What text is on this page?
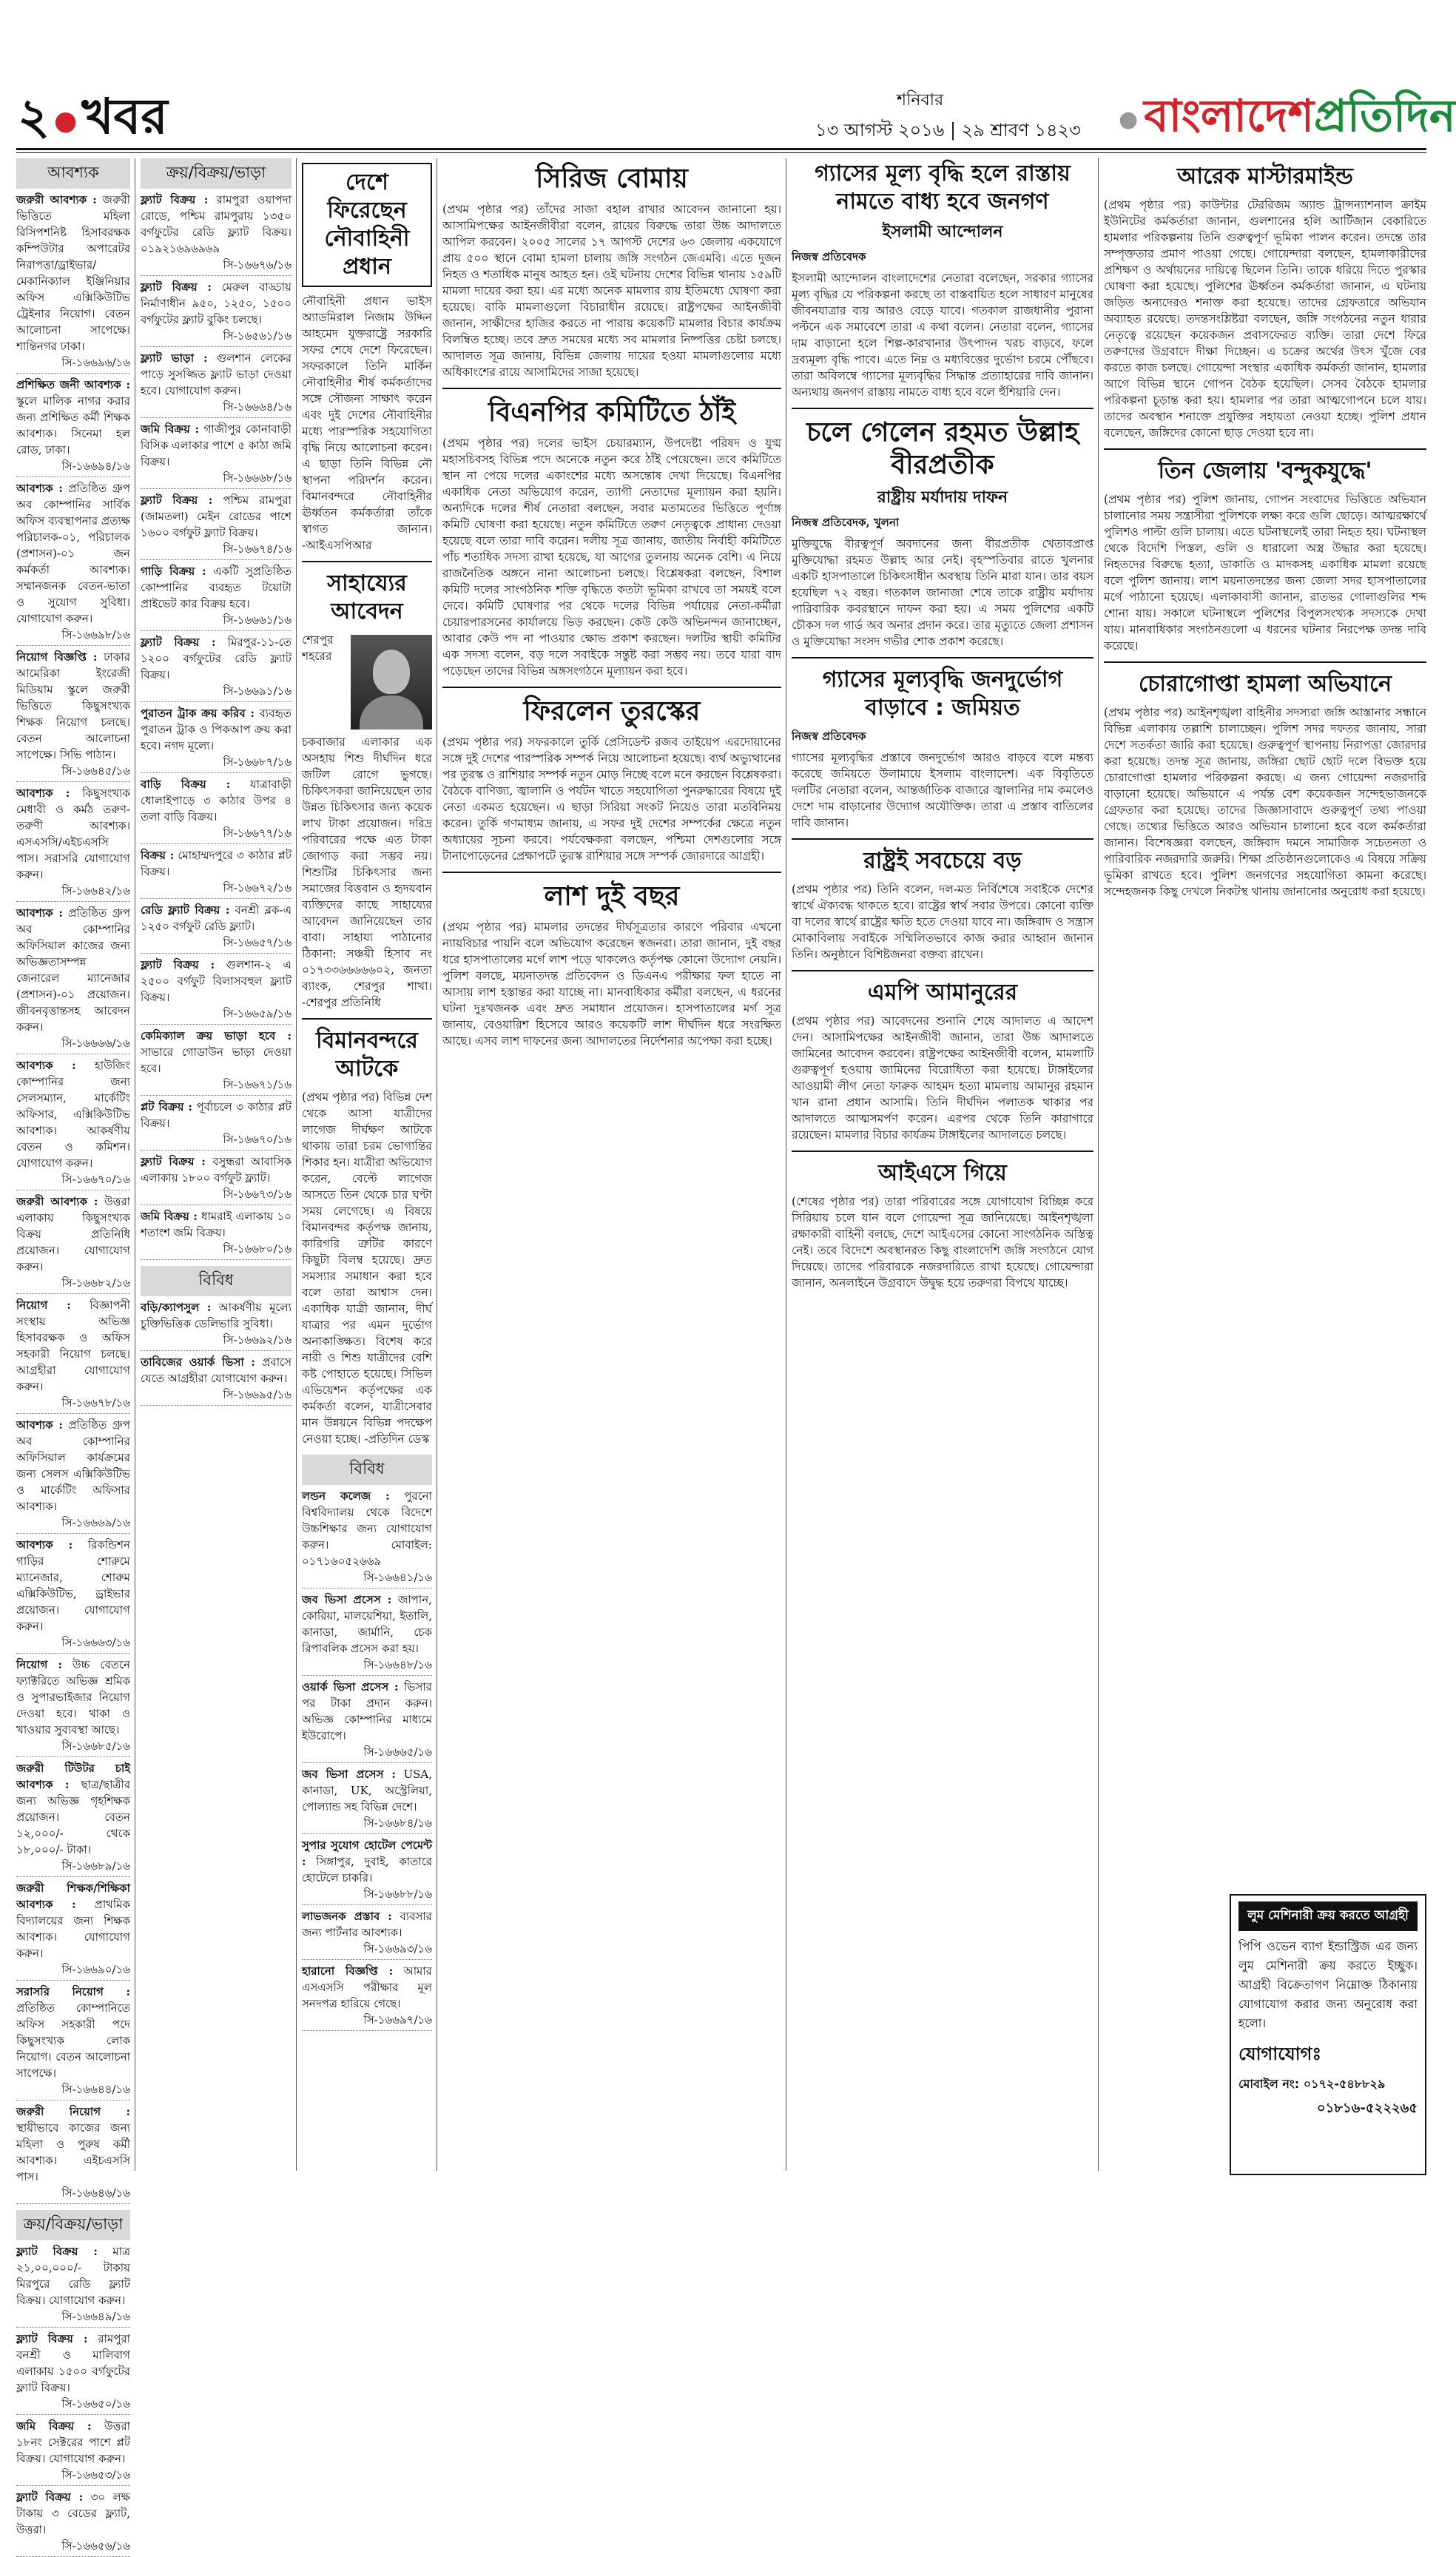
২ ●খবর	শনিবার
১৩ আগস্ট ২০১৬ | ২৯ শ্রাবণ ১৪২৩ ● বাংলাদেশপ্রতিদিন
আবশ্যক
জরুরী আবশ্যক : জরুরী ভিত্তিতে মহিলা রিসিপশনিষ্ট হিসাবরক্ষক কম্পিউটার অপারেটর নিরাপত্তা/ড্রাইভার/মেকানিক্যাল ইঞ্জিনিয়ার অফিস এক্সিকিউটিভ ট্রেইনার নিয়োগ। বেতন আলোচনা সাপেক্ষে। শান্তিনগর ঢাকা।
সি-১৬৬৯৬/১৬
প্রশিক্ষিত জনী আবশ্যক : স্কুলে মালিক নাগর করার জন্য প্রশিক্ষিত কর্মী শিক্ষক আবশ্যক। সিনেমা হল রোড, ঢাকা।
সি-১৬৬৯৪/১৬
আবশ্যক : প্রতিষ্ঠিত গ্রুপ অব কোম্পানির সার্বিক অফিস ব্যবস্থাপনার প্রত্যক্ষ পরিচালক-০১, পরিচালক (প্রশাসন)-০১ জন কর্মকর্তা আবশ্যক। সম্মানজনক বেতন-ভাতা ও সুযোগ সুবিধা। যোগাযোগ করুন।
সি-১৬৬৯৮/১৬
নিয়োগ বিজ্ঞপ্তি : ঢাকার আমেরিকা ইংরেজী মিডিয়াম স্কুলে জরুরী ভিত্তিতে কিছুসংখ্যক শিক্ষক নিয়োগ চলছে। বেতন আলোচনা সাপেক্ষে। সিভি পাঠান।
সি-১৬৬৪৫/১৬
আবশ্যক : কিছুসংখ্যক মেধাবী ও কর্মঠ তরুণ-তরুণী আবশ্যক। এসএসসি/এইচএসসি পাস। সরাসরি যোগাযোগ করুন।
সি-১৬৬৪২/১৬
আবশ্যক : প্রতিষ্ঠিত গ্রুপ অব কোম্পানির অফিসিয়াল কাজের জন্য অভিজ্ঞতাসম্পন্ন জেনারেল ম্যানেজার (প্রশাসন)-০১ প্রয়োজন। জীবনবৃত্তান্তসহ আবেদন করুন।
সি-১৬৬৬৬/১৬
আবশ্যক : হাউজিং কোম্পানির জন্য সেলসম্যান, মার্কেটিং অফিসার, এক্সিকিউটিভ আবশ্যক। আকর্ষণীয় বেতন ও কমিশন। যোগাযোগ করুন।
সি-১৬৬৭০/১৬
জরুরী আবশ্যক : উত্তরা এলাকায় কিছুসংখ্যক বিক্রয় প্রতিনিধি প্রয়োজন। যোগাযোগ করুন।
সি-১৬৬৮২/১৬
নিয়োগ : বিজ্ঞাপনী সংস্থায় অভিজ্ঞ হিসাবরক্ষক ও অফিস সহকারী নিয়োগ চলছে। আগ্রহীরা যোগাযোগ করুন।
সি-১৬৬৭৮/১৬
আবশ্যক : প্রতিষ্ঠিত গ্রুপ অব কোম্পানির অফিসিয়াল কার্যক্রমের জন্য সেলস এক্সিকিউটিভ ও মার্কেটিং অফিসার আবশ্যক।
সি-১৬৬৬৯/১৬
আবশ্যক : রিকন্ডিশন গাড়ির শোরুমে ম্যানেজার, শোরুম এক্সিকিউটিভ, ড্রাইভার প্রয়োজন। যোগাযোগ করুন।
সি-১৬৬৬৩/১৬
নিয়োগ : উচ্চ বেতনে ফ্যাক্টরিতে অভিজ্ঞ শ্রমিক ও সুপারভাইজার নিয়োগ দেওয়া হবে। থাকা ও খাওয়ার সুব্যবস্থা আছে।
সি-১৬৬৮৫/১৬
জরুরী টিউটর চাই আবশ্যক : ছাত্র/ছাত্রীর জন্য অভিজ্ঞ গৃহশিক্ষক প্রয়োজন। বেতন ১২,০০০/- থেকে ১৮,০০০/- টাকা।
সি-১৬৬৮৯/১৬
জরুরী শিক্ষক/শিক্ষিকা আবশ্যক : প্রাথমিক বিদ্যালয়ের জন্য শিক্ষক আবশ্যক। যোগাযোগ করুন।
সি-১৬৬৯০/১৬
সরাসরি নিয়োগ : প্রতিষ্ঠিত কোম্পানিতে অফিস সহকারী পদে কিছুসংখ্যক লোক নিয়োগ। বেতন আলোচনা সাপেক্ষে।
সি-১৬৬৪৪/১৬
জরুরী নিয়োগ : স্থায়ীভাবে কাজের জন্য মহিলা ও পুরুষ কর্মী আবশ্যক। এইচএসসি পাস।
সি-১৬৬৪৬/১৬
ক্রয়/বিক্রয়/ভাড়া
ফ্ল্যাট বিক্রয় : মাত্র ২১,০০,০০০/- টাকায় মিরপুরে রেডি ফ্ল্যাট বিক্রয়। যোগাযোগ করুন।
সি-১৬৬৪৯/১৬
ফ্ল্যাট বিক্রয় : রামপুরা বনশ্রী ও মালিবাগ এলাকায় ১৫০০ বর্গফুটের ফ্ল্যাট বিক্রয়।
সি-১৬৬৫০/১৬
জমি বিক্রয় : উত্তরা ১৮নং সেক্টরের পাশে প্লট বিক্রয়। যোগাযোগ করুন।
সি-১৬৬৫৩/১৬
ফ্ল্যাট বিক্রয় : ৩০ লক্ষ টাকায় ৩ বেডের ফ্ল্যাট, উত্তরা।
সি-১৬৬৫৬/১৬
ক্রয়/বিক্রয়/ভাড়া
ফ্ল্যাট বিক্রয় : রামপুরা ওয়াপদা রোডে, পশ্চিম রামপুরায় ১৩৫০ বর্গফুটের রেডি ফ্ল্যাট বিক্রয়। ০১৯২১৬৯৬৯৬৯
সি-১৬৬৭৬/১৬
ফ্ল্যাট বিক্রয় : মেরুল বাড্ডায় নির্মাণাধীন ৯৫০, ১২৫০, ১৫০০ বর্গফুটের ফ্ল্যাট বুকিং চলছে।
সি-১৬৫৬১/১৬
ফ্ল্যাট ভাড়া : গুলশান লেকের পাড়ে সুসজ্জিত ফ্ল্যাট ভাড়া দেওয়া হবে। যোগাযোগ করুন।
সি-১৬৬৬৪/১৬
জমি বিক্রয় : গাজীপুর কোনাবাড়ী বিসিক এলাকার পাশে ৫ কাঠা জমি বিক্রয়।
সি-১৬৬৬৮/১৬
ফ্ল্যাট বিক্রয় : পশ্চিম রামপুরা (জামতলা) মেইন রোডের পাশে ১৬০০ বর্গফুট ফ্ল্যাট বিক্রয়।
সি-১৬৬৭৪/১৬
গাড়ি বিক্রয় : একটি সুপ্রতিষ্ঠিত কোম্পানির ব্যবহৃত টয়োটা প্রাইভেট কার বিক্রয় হবে।
সি-১৬৬৬১/১৬
ফ্ল্যাট বিক্রয় : মিরপুর-১১-তে ১২০০ বর্গফুটের রেডি ফ্ল্যাট বিক্রয়।
সি-১৬৬৯১/১৬
পুরাতন ট্রাক ক্রয় করিব : ব্যবহৃত পুরাতন ট্রাক ও পিকআপ ক্রয় করা হবে। নগদ মূল্যে।
সি-১৬৬৮৭/১৬
বাড়ি বিক্রয় : যাত্রাবাড়ী ধোলাইপাড়ে ৩ কাঠার উপর ৪ তলা বাড়ি বিক্রয়।
সি-১৬৬৭৭/১৬
বিক্রয় : মোহাম্মদপুরে ৩ কাঠার প্লট বিক্রয়।
সি-১৬৬৭২/১৬
রেডি ফ্ল্যাট বিক্রয় : বনশ্রী ব্লক-এ ১২৫০ বর্গফুট রেডি ফ্ল্যাট।
সি-১৬৬৫৭/১৬
ফ্ল্যাট বিক্রয় : গুলশান-২ এ ২৫০০ বর্গফুট বিলাসবহুল ফ্ল্যাট বিক্রয়।
সি-১৬৬৫৯/১৬
কেমিক্যাল ক্রয় ভাড়া হবে : সাভারে গোডাউন ভাড়া দেওয়া হবে।
সি-১৬৬৭১/১৬
প্লট বিক্রয় : পূর্বাচলে ৩ কাঠার প্লট বিক্রয়।
সি-১৬৬৭০/১৬
ফ্ল্যাট বিক্রয় : বসুন্ধরা আবাসিক এলাকায় ১৮০০ বর্গফুট ফ্ল্যাট।
সি-১৬৬৭৩/১৬
জমি বিক্রয় : ধামরাই এলাকায় ১০ শতাংশ জমি বিক্রয়।
সি-১৬৬৮০/১৬
বিবিধ
বড়ি/ক্যাপসুল : আকর্ষণীয় মূল্যে চুক্তিভিত্তিক ডেলিভারি সুবিধা।
সি-১৬৬৯২/১৬
তাবিজের ওয়ার্ক ভিসা : প্রবাসে যেতে আগ্রহীরা যোগাযোগ করুন।
সি-১৬৬৯৫/১৬
দেশে ফিরেছেন নৌবাহিনী প্রধান

নৌবাহিনী প্রধান ভাইস অ্যাডমিরাল নিজাম উদ্দিন আহমেদ যুক্তরাষ্ট্রে সরকারি সফর শেষে দেশে ফিরেছেন। সফরকালে তিনি মার্কিন নৌবাহিনীর শীর্ষ কর্মকর্তাদের সঙ্গে সৌজন্য সাক্ষাৎ করেন এবং দুই দেশের নৌবাহিনীর মধ্যে পারস্পরিক সহযোগিতা বৃদ্ধি নিয়ে আলোচনা করেন। এ ছাড়া তিনি বিভিন্ন নৌ স্থাপনা পরিদর্শন করেন। বিমানবন্দরে নৌবাহিনীর ঊর্ধ্বতন কর্মকর্তারা তাঁকে স্বাগত জানান। -আইএসপিআর

সাহায্যের আবেদন

শেরপুর শহরের চকবাজার এলাকার এক অসহায় শিশু দীর্ঘদিন ধরে জটিল রোগে ভুগছে। চিকিৎসকরা জানিয়েছেন তার উন্নত চিকিৎসার জন্য কয়েক লাখ টাকা প্রয়োজন। দরিদ্র পরিবারের পক্ষে এত টাকা জোগাড় করা সম্ভব নয়। শিশুটির চিকিৎসার জন্য সমাজের বিত্তবান ও হৃদয়বান ব্যক্তিদের কাছে সাহায্যের আবেদন জানিয়েছেন তার বাবা। সাহায্য পাঠানোর ঠিকানা: সঞ্চয়ী হিসাব নং ০১৭৩৩৬৬৬৬৬০২, জনতা ব্যাংক, শেরপুর শাখা। -শেরপুর প্রতিনিধি

বিমানবন্দরে আটকে

(প্রথম পৃষ্ঠার পর) বিভিন্ন দেশ থেকে আসা যাত্রীদের লাগেজ দীর্ঘক্ষণ আটকে থাকায় তারা চরম ভোগান্তির শিকার হন। যাত্রীরা অভিযোগ করেন, বেল্টে লাগেজ আসতে তিন থেকে চার ঘণ্টা সময় লেগেছে। এ বিষয়ে বিমানবন্দর কর্তৃপক্ষ জানায়, কারিগরি ত্রুটির কারণে কিছুটা বিলম্ব হয়েছে। দ্রুত সমস্যার সমাধান করা হবে বলে তারা আশ্বাস দেন। একাধিক যাত্রী জানান, দীর্ঘ যাত্রার পর এমন দুর্ভোগ অনাকাঙ্ক্ষিত। বিশেষ করে নারী ও শিশু যাত্রীদের বেশি কষ্ট পোহাতে হয়েছে। সিভিল এভিয়েশন কর্তৃপক্ষের এক কর্মকর্তা বলেন, যাত্রীসেবার মান উন্নয়নে বিভিন্ন পদক্ষেপ নেওয়া হচ্ছে। -প্রতিদিন ডেস্ক

বিবিধ
লন্ডন কলেজ : পুরনো বিশ্ববিদ্যালয় থেকে বিদেশে উচ্চশিক্ষার জন্য যোগাযোগ করুন। মোবাইল: ০১৭১৬০৫২৬৬৯
সি-১৬৬৪১/১৬
জব ভিসা প্রসেস : জাপান, কোরিয়া, মালয়েশিয়া, ইতালি, কানাডা, জার্মানি, চেক রিপাবলিক প্রসেস করা হয়।
সি-১৬৬৪৮/১৬
ওয়ার্ক ভিসা প্রসেস : ভিসার পর টাকা প্রদান করুন। অভিজ্ঞ কোম্পানির মাধ্যমে ইউরোপে।
সি-১৬৬৬৫/১৬
জব ভিসা প্রসেস : USA, কানাডা, UK, অস্ট্রেলিয়া, পোল্যান্ড সহ বিভিন্ন দেশে।
সি-১৬৬৮৪/১৬
সুপার সুযোগ হোটেল পেমেন্ট : সিঙ্গাপুর, দুবাই, কাতারে হোটেলে চাকরি।
সি-১৬৬৮৮/১৬
লাভজনক প্রস্তাব : ব্যবসার জন্য পার্টনার আবশ্যক।
সি-১৬৬৯৩/১৬
হারানো বিজ্ঞপ্তি : আমার এসএসসি পরীক্ষার মূল সনদপত্র হারিয়ে গেছে।
সি-১৬৬৯৭/১৬
সিরিজ বোমায়

(প্রথম পৃষ্ঠার পর) তাঁদের সাজা বহাল রাখার আবেদন জানানো হয়। আসামিপক্ষের আইনজীবীরা বলেন, রায়ের বিরুদ্ধে তারা উচ্চ আদালতে আপিল করবেন। ২০০৫ সালের ১৭ আগস্ট দেশের ৬৩ জেলায় একযোগে প্রায় ৫০০ স্থানে বোমা হামলা চালায় জঙ্গি সংগঠন জেএমবি। এতে দুজন নিহত ও শতাধিক মানুষ আহত হন। ওই ঘটনায় দেশের বিভিন্ন থানায় ১৫৯টি মামলা দায়ের করা হয়। এর মধ্যে অনেক মামলার রায় ইতিমধ্যে ঘোষণা করা হয়েছে। বাকি মামলাগুলো বিচারাধীন রয়েছে। রাষ্ট্রপক্ষের আইনজীবী জানান, সাক্ষীদের হাজির করতে না পারায় কয়েকটি মামলার বিচার কার্যক্রম বিলম্বিত হচ্ছে। তবে দ্রুত সময়ের মধ্যে সব মামলার নিষ্পত্তির চেষ্টা চলছে। আদালত সূত্র জানায়, বিভিন্ন জেলায় দায়ের হওয়া মামলাগুলোর মধ্যে অধিকাংশের রায়ে আসামিদের সাজা হয়েছে।

বিএনপির কমিটিতে ঠাঁই

(প্রথম পৃষ্ঠার পর) দলের ভাইস চেয়ারম্যান, উপদেষ্টা পরিষদ ও যুগ্ম মহাসচিবসহ বিভিন্ন পদে অনেকে নতুন করে ঠাঁই পেয়েছেন। তবে কমিটিতে স্থান না পেয়ে দলের একাংশের মধ্যে অসন্তোষ দেখা দিয়েছে। বিএনপির একাধিক নেতা অভিযোগ করেন, ত্যাগী নেতাদের মূল্যায়ন করা হয়নি। অন্যদিকে দলের শীর্ষ নেতারা বলছেন, সবার মতামতের ভিত্তিতে পূর্ণাঙ্গ কমিটি ঘোষণা করা হয়েছে। নতুন কমিটিতে তরুণ নেতৃত্বকে প্রাধান্য দেওয়া হয়েছে বলে তারা দাবি করেন। দলীয় সূত্র জানায়, জাতীয় নির্বাহী কমিটিতে পাঁচ শতাধিক সদস্য রাখা হয়েছে, যা আগের তুলনায় অনেক বেশি। এ নিয়ে রাজনৈতিক অঙ্গনে নানা আলোচনা চলছে। বিশ্লেষকরা বলছেন, বিশাল কমিটি দলের সাংগঠনিক শক্তি বৃদ্ধিতে কতটা ভূমিকা রাখবে তা সময়ই বলে দেবে। কমিটি ঘোষণার পর থেকে দলের বিভিন্ন পর্যায়ের নেতা-কর্মীরা চেয়ারপারসনের কার্যালয়ে ভিড় করছেন। কেউ কেউ অভিনন্দন জানাচ্ছেন, আবার কেউ পদ না পাওয়ার ক্ষোভ প্রকাশ করছেন। দলটির স্থায়ী কমিটির এক সদস্য বলেন, বড় দলে সবাইকে সন্তুষ্ট করা সম্ভব নয়। তবে যারা বাদ পড়েছেন তাদের বিভিন্ন অঙ্গসংগঠনে মূল্যায়ন করা হবে।

ফিরলেন তুরস্কের

(প্রথম পৃষ্ঠার পর) সফরকালে তুর্কি প্রেসিডেন্ট রজব তাইয়েপ এরদোয়ানের সঙ্গে দুই দেশের পারস্পরিক সম্পর্ক নিয়ে আলোচনা হয়েছে। ব্যর্থ অভ্যুত্থানের পর তুরস্ক ও রাশিয়ার সম্পর্ক নতুন মোড় নিচ্ছে বলে মনে করছেন বিশ্লেষকরা। বৈঠকে বাণিজ্য, জ্বালানি ও পর্যটন খাতে সহযোগিতা পুনরুদ্ধারের বিষয়ে দুই নেতা একমত হয়েছেন। এ ছাড়া সিরিয়া সংকট নিয়েও তারা মতবিনিময় করেন। তুর্কি গণমাধ্যম জানায়, এ সফর দুই দেশের সম্পর্কের ক্ষেত্রে নতুন অধ্যায়ের সূচনা করবে। পর্যবেক্ষকরা বলছেন, পশ্চিমা দেশগুলোর সঙ্গে টানাপোড়েনের প্রেক্ষাপটে তুরস্ক রাশিয়ার সঙ্গে সম্পর্ক জোরদারে আগ্রহী।

লাশ দুই বছর

(প্রথম পৃষ্ঠার পর) মামলার তদন্তের দীর্ঘসূত্রতার কারণে পরিবার এখনো ন্যায়বিচার পায়নি বলে অভিযোগ করেছেন স্বজনরা। তারা জানান, দুই বছর ধরে হাসপাতালের মর্গে লাশ পড়ে থাকলেও কর্তৃপক্ষ কোনো উদ্যোগ নেয়নি। পুলিশ বলছে, ময়নাতদন্ত প্রতিবেদন ও ডিএনএ পরীক্ষার ফল হাতে না আসায় লাশ হস্তান্তর করা যাচ্ছে না। মানবাধিকার কর্মীরা বলছেন, এ ধরনের ঘটনা দুঃখজনক এবং দ্রুত সমাধান প্রয়োজন। হাসপাতালের মর্গ সূত্র জানায়, বেওয়ারিশ হিসেবে আরও কয়েকটি লাশ দীর্ঘদিন ধরে সংরক্ষিত আছে। এসব লাশ দাফনের জন্য আদালতের নির্দেশনার অপেক্ষা করা হচ্ছে।

গ্যাসের মূল্য বৃদ্ধি হলে রাস্তায় নামতে বাধ্য হবে জনগণ
ইসলামী আন্দোলন
নিজস্ব প্রতিবেদক

ইসলামী আন্দোলন বাংলাদেশের নেতারা বলেছেন, সরকার গ্যাসের মূল্য বৃদ্ধির যে পরিকল্পনা করছে তা বাস্তবায়িত হলে সাধারণ মানুষের জীবনযাত্রার ব্যয় আরও বেড়ে যাবে। গতকাল রাজধানীর পুরানা পল্টনে এক সমাবেশে তারা এ কথা বলেন। নেতারা বলেন, গ্যাসের দাম বাড়ানো হলে শিল্প-কারখানার উৎপাদন খরচ বাড়বে, ফলে দ্রব্যমূল্য বৃদ্ধি পাবে। এতে নিম্ন ও মধ্যবিত্তের দুর্ভোগ চরমে পৌঁছবে। তারা অবিলম্বে গ্যাসের মূল্যবৃদ্ধির সিদ্ধান্ত প্রত্যাহারের দাবি জানান। অন্যথায় জনগণ রাস্তায় নামতে বাধ্য হবে বলে হুঁশিয়ারি দেন।

চলে গেলেন রহমত উল্লাহ বীরপ্রতীক
রাষ্ট্রীয় মর্যাদায় দাফন
নিজস্ব প্রতিবেদক, খুলনা

মুক্তিযুদ্ধে বীরত্বপূর্ণ অবদানের জন্য বীরপ্রতীক খেতাবপ্রাপ্ত মুক্তিযোদ্ধা রহমত উল্লাহ আর নেই। বৃহস্পতিবার রাতে খুলনার একটি হাসপাতালে চিকিৎসাধীন অবস্থায় তিনি মারা যান। তার বয়স হয়েছিল ৭২ বছর। গতকাল জানাজা শেষে তাকে রাষ্ট্রীয় মর্যাদায় পারিবারিক কবরস্থানে দাফন করা হয়। এ সময় পুলিশের একটি চৌকস দল গার্ড অব অনার প্রদান করে। তার মৃত্যুতে জেলা প্রশাসন ও মুক্তিযোদ্ধা সংসদ গভীর শোক প্রকাশ করেছে।

গ্যাসের মূল্যবৃদ্ধি জনদুর্ভোগ বাড়াবে : জমিয়ত
নিজস্ব প্রতিবেদক

গ্যাসের মূল্যবৃদ্ধির প্রস্তাবে জনদুর্ভোগ আরও বাড়বে বলে মন্তব্য করেছে জমিয়তে উলামায়ে ইসলাম বাংলাদেশ। এক বিবৃতিতে দলটির নেতারা বলেন, আন্তর্জাতিক বাজারে জ্বালানির দাম কমলেও দেশে দাম বাড়ানোর উদ্যোগ অযৌক্তিক। তারা এ প্রস্তাব বাতিলের দাবি জানান।

রাষ্ট্রই সবচেয়ে বড়

(প্রথম পৃষ্ঠার পর) তিনি বলেন, দল-মত নির্বিশেষে সবাইকে দেশের স্বার্থে ঐক্যবদ্ধ থাকতে হবে। রাষ্ট্রের স্বার্থ সবার উপরে। কোনো ব্যক্তি বা দলের স্বার্থে রাষ্ট্রের ক্ষতি হতে দেওয়া যাবে না। জঙ্গিবাদ ও সন্ত্রাস মোকাবিলায় সবাইকে সম্মিলিতভাবে কাজ করার আহ্বান জানান তিনি। অনুষ্ঠানে বিশিষ্টজনরা বক্তব্য রাখেন।

এমপি আমানুরের

(প্রথম পৃষ্ঠার পর) আবেদনের শুনানি শেষে আদালত এ আদেশ দেন। আসামিপক্ষের আইনজীবী জানান, তারা উচ্চ আদালতে জামিনের আবেদন করবেন। রাষ্ট্রপক্ষের আইনজীবী বলেন, মামলাটি গুরুত্বপূর্ণ হওয়ায় জামিনের বিরোধিতা করা হয়েছে। টাঙ্গাইলের আওয়ামী লীগ নেতা ফারুক আহমদ হত্যা মামলায় আমানুর রহমান খান রানা প্রধান আসামি। তিনি দীর্ঘদিন পলাতক থাকার পর আদালতে আত্মসমর্পণ করেন। এরপর থেকে তিনি কারাগারে রয়েছেন। মামলার বিচার কার্যক্রম টাঙ্গাইলের আদালতে চলছে।

আইএসে গিয়ে

(শেষের পৃষ্ঠার পর) তারা পরিবারের সঙ্গে যোগাযোগ বিচ্ছিন্ন করে সিরিয়ায় চলে যান বলে গোয়েন্দা সূত্র জানিয়েছে। আইনশৃঙ্খলা রক্ষাকারী বাহিনী বলছে, দেশে আইএসের কোনো সাংগঠনিক অস্তিত্ব নেই। তবে বিদেশে অবস্থানরত কিছু বাংলাদেশি জঙ্গি সংগঠনে যোগ দিয়েছে। তাদের পরিবারকে নজরদারিতে রাখা হয়েছে। গোয়েন্দারা জানান, অনলাইনে উগ্রবাদে উদ্বুদ্ধ হয়ে তরুণরা বিপথে যাচ্ছে।

আরেক মাস্টারমাইন্ড

(প্রথম পৃষ্ঠার পর) কাউন্টার টেররিজম অ্যান্ড ট্রান্সন্যাশনাল ক্রাইম ইউনিটের কর্মকর্তারা জানান, গুলশানের হলি আর্টিজান বেকারিতে হামলার পরিকল্পনায় তিনি গুরুত্বপূর্ণ ভূমিকা পালন করেন। তদন্তে তার সম্পৃক্ততার প্রমাণ পাওয়া গেছে। গোয়েন্দারা বলছেন, হামলাকারীদের প্রশিক্ষণ ও অর্থায়নের দায়িত্বে ছিলেন তিনি। তাকে ধরিয়ে দিতে পুরস্কার ঘোষণা করা হয়েছে। পুলিশের ঊর্ধ্বতন কর্মকর্তারা জানান, এ ঘটনায় জড়িত অন্যদেরও শনাক্ত করা হয়েছে। তাদের গ্রেফতারে অভিযান অব্যাহত রয়েছে। তদন্তসংশ্লিষ্টরা বলছেন, জঙ্গি সংগঠনের নতুন ধারার নেতৃত্বে রয়েছেন কয়েকজন প্রবাসফেরত ব্যক্তি। তারা দেশে ফিরে তরুণদের উগ্রবাদে দীক্ষা দিচ্ছেন। এ চক্রের অর্থের উৎস খুঁজে বের করতে কাজ চলছে। গোয়েন্দা সংস্থার একাধিক কর্মকর্তা জানান, হামলার আগে বিভিন্ন স্থানে গোপন বৈঠক হয়েছিল। সেসব বৈঠকে হামলার পরিকল্পনা চূড়ান্ত করা হয়। হামলার পর তারা আত্মগোপনে চলে যায়। তাদের অবস্থান শনাক্তে প্রযুক্তির সহায়তা নেওয়া হচ্ছে। পুলিশ প্রধান বলেছেন, জঙ্গিদের কোনো ছাড় দেওয়া হবে না।

তিন জেলায় 'বন্দুকযুদ্ধে'

(প্রথম পৃষ্ঠার পর) পুলিশ জানায়, গোপন সংবাদের ভিত্তিতে অভিযান চালানোর সময় সন্ত্রাসীরা পুলিশকে লক্ষ্য করে গুলি ছোড়ে। আত্মরক্ষার্থে পুলিশও পাল্টা গুলি চালায়। এতে ঘটনাস্থলেই তারা নিহত হয়। ঘটনাস্থল থেকে বিদেশি পিস্তল, গুলি ও ধারালো অস্ত্র উদ্ধার করা হয়েছে। নিহতদের বিরুদ্ধে হত্যা, ডাকাতি ও মাদকসহ একাধিক মামলা রয়েছে বলে পুলিশ জানায়। লাশ ময়নাতদন্তের জন্য জেলা সদর হাসপাতালের মর্গে পাঠানো হয়েছে। এলাকাবাসী জানান, রাতভর গোলাগুলির শব্দ শোনা যায়। সকালে ঘটনাস্থলে পুলিশের বিপুলসংখ্যক সদস্যকে দেখা যায়। মানবাধিকার সংগঠনগুলো এ ধরনের ঘটনার নিরপেক্ষ তদন্ত দাবি করেছে।

চোরাগোপ্তা হামলা অভিযানে

(প্রথম পৃষ্ঠার পর) আইনশৃঙ্খলা বাহিনীর সদস্যরা জঙ্গি আস্তানার সন্ধানে বিভিন্ন এলাকায় তল্লাশি চালাচ্ছেন। পুলিশ সদর দফতর জানায়, সারা দেশে সতর্কতা জারি করা হয়েছে। গুরুত্বপূর্ণ স্থাপনায় নিরাপত্তা জোরদার করা হয়েছে। তদন্ত সূত্র জানায়, জঙ্গিরা ছোট ছোট দলে বিভক্ত হয়ে চোরাগোপ্তা হামলার পরিকল্পনা করছে। এ জন্য গোয়েন্দা নজরদারি বাড়ানো হয়েছে। অভিযানে এ পর্যন্ত বেশ কয়েকজন সন্দেহভাজনকে গ্রেফতার করা হয়েছে। তাদের জিজ্ঞাসাবাদে গুরুত্বপূর্ণ তথ্য পাওয়া গেছে। তথ্যের ভিত্তিতে আরও অভিযান চালানো হবে বলে কর্মকর্তারা জানান। বিশেষজ্ঞরা বলছেন, জঙ্গিবাদ দমনে সামাজিক সচেতনতা ও পারিবারিক নজরদারি জরুরি। শিক্ষা প্রতিষ্ঠানগুলোকেও এ বিষয়ে সক্রিয় ভূমিকা রাখতে হবে। পুলিশ জনগণের সহযোগিতা কামনা করেছে। সন্দেহজনক কিছু দেখলে নিকটস্থ থানায় জানানোর অনুরোধ করা হয়েছে।

লুম মেশিনারী ক্রয় করতে আগ্রহী
পিপি ওভেন ব্যাগ ইন্ডাস্ট্রিজ এর জন্য লুম মেশিনারী ক্রয় করতে ইচ্ছুক। আগ্রহী বিক্রেতাগণ নিম্নোক্ত ঠিকানায় যোগাযোগ করার জন্য অনুরোধ করা হলো।
যোগাযোগঃ
মোবাইল নং: ০১৭২-৫৪৮৮২৯
০১৮১৬-৫২২২৬৫
